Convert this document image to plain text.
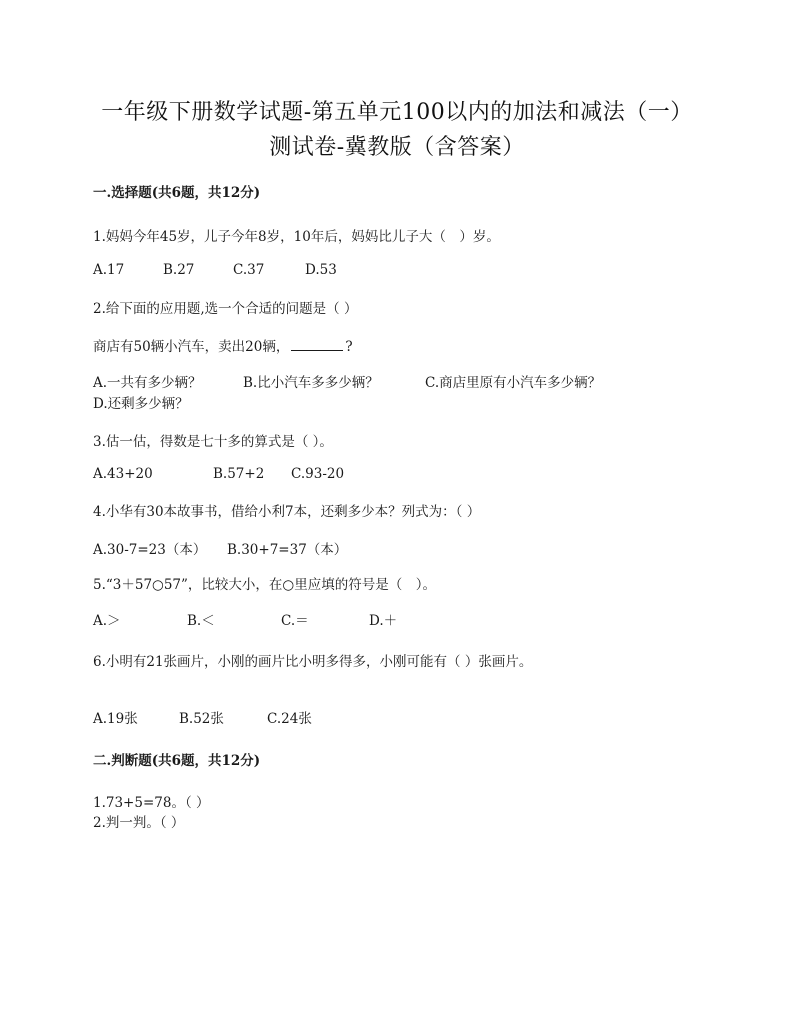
一年级下册数学试题-第五单元100以内的加法和减法（一）
测试卷-冀教版（含答案）
一.选择题(共6题，共12分)
1.妈妈今年45岁，儿子今年8岁，10年后，妈妈比儿子大（　）岁。
A.17	B.27	C.37	D.53
2.给下面的应用题,选一个合适的问题是（ ）
商店有50辆小汽车，卖出20辆，	?
A.一共有多少辆？	B.比小汽车多多少辆？	C.商店里原有小汽车多少辆？
D.还剩多少辆？
3.估一估，得数是七十多的算式是（ ）。
A.43+20	B.57+2 C.93-20
4.小华有30本故事书，借给小利7本，还剩多少本？列式为：（ ）
A.30-7=23（本） B.30+7=37（本）
5.“3＋57○57”，比较大小，在○里应填的符号是（　）。
A.＞	B.＜	C.＝	D.＋
6.小明有21张画片，小刚的画片比小明多得多，小刚可能有（ ）张画片。
A.19张	B.52张	C.24张
二.判断题(共6题，共12分)
1.73+5=78。（ ）
2.判一判。（ ）
